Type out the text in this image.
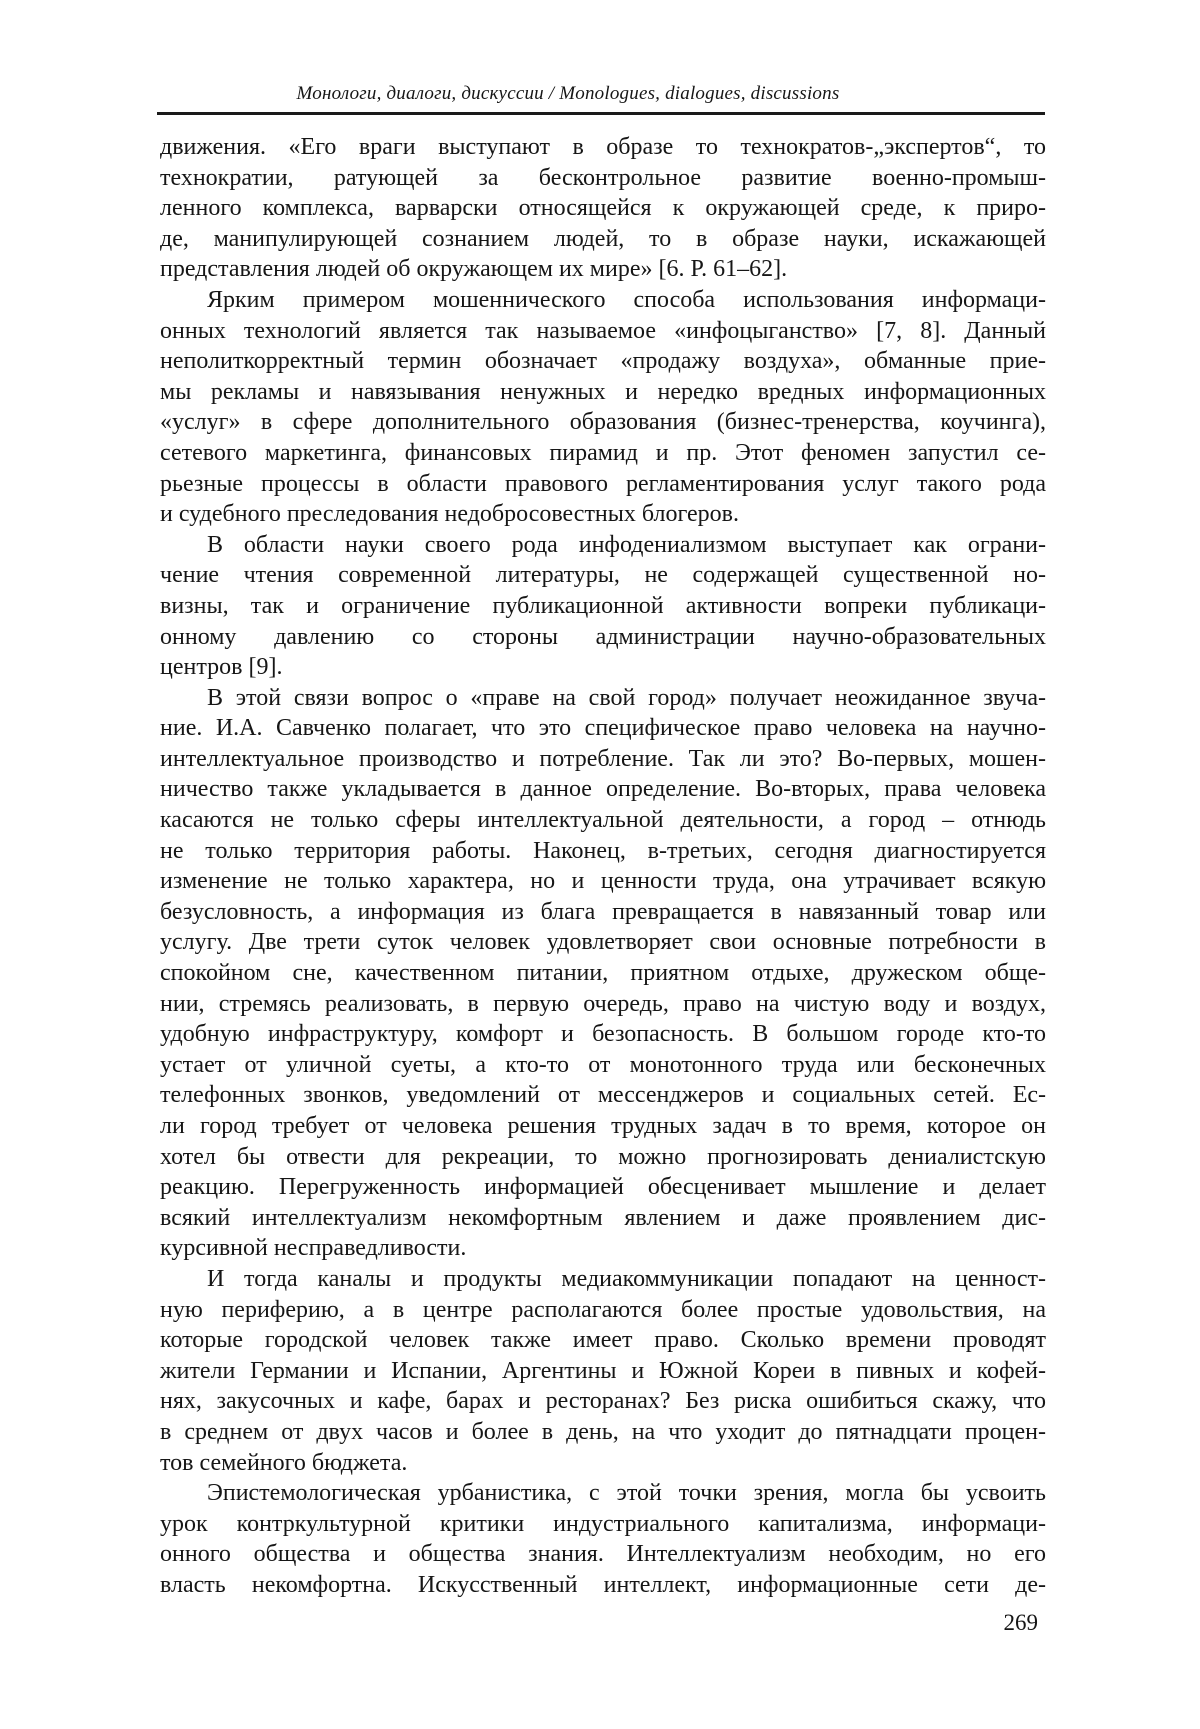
Монологи, диалоги, дискуссии / Monologues, dialogues, discussions
движения. «Его враги выступают в образе то технократов-„экспертов“, то
технократии, ратующей за бесконтрольное развитие военно-промыш-
ленного комплекса, варварски относящейся к окружающей среде, к приро-
де, манипулирующей сознанием людей, то в образе науки, искажающей
представления людей об окружающем их мире» [6. P. 61–62].
Ярким примером мошеннического способа использования информаци-
онных технологий является так называемое «инфоцыганство» [7, 8]. Данный
неполиткорректный термин обозначает «продажу воздуха», обманные прие-
мы рекламы и навязывания ненужных и нередко вредных информационных
«услуг» в сфере дополнительного образования (бизнес-тренерства, коучинга),
сетевого маркетинга, финансовых пирамид и пр. Этот феномен запустил се-
рьезные процессы в области правового регламентирования услуг такого рода
и судебного преследования недобросовестных блогеров.
В области науки своего рода инфодениализмом выступает как ограни-
чение чтения современной литературы, не содержащей существенной но-
визны, так и ограничение публикационной активности вопреки публикаци-
онному давлению со стороны администрации научно-образовательных
центров [9].
В этой связи вопрос о «праве на свой город» получает неожиданное звуча-
ние. И.А. Савченко полагает, что это специфическое право человека на научно-
интеллектуальное производство и потребление. Так ли это? Во-первых, мошен-
ничество также укладывается в данное определение. Во-вторых, права человека
касаются не только сферы интеллектуальной деятельности, а город – отнюдь
не только территория работы. Наконец, в-третьих, сегодня диагностируется
изменение не только характера, но и ценности труда, она утрачивает всякую
безусловность, а информация из блага превращается в навязанный товар или
услугу. Две трети суток человек удовлетворяет свои основные потребности в
спокойном сне, качественном питании, приятном отдыхе, дружеском обще-
нии, стремясь реализовать, в первую очередь, право на чистую воду и воздух,
удобную инфраструктуру, комфорт и безопасность. В большом городе кто-то
устает от уличной суеты, а кто-то от монотонного труда или бесконечных
телефонных звонков, уведомлений от мессенджеров и социальных сетей. Ес-
ли город требует от человека решения трудных задач в то время, которое он
хотел бы отвести для рекреации, то можно прогнозировать дениалистскую
реакцию. Перегруженность информацией обесценивает мышление и делает
всякий интеллектуализм некомфортным явлением и даже проявлением дис-
курсивной несправедливости.
И тогда каналы и продукты медиакоммуникации попадают на ценност-
ную периферию, а в центре располагаются более простые удовольствия, на
которые городской человек также имеет право. Сколько времени проводят
жители Германии и Испании, Аргентины и Южной Кореи в пивных и кофей-
нях, закусочных и кафе, барах и ресторанах? Без риска ошибиться скажу, что
в среднем от двух часов и более в день, на что уходит до пятнадцати процен-
тов семейного бюджета.
Эпистемологическая урбанистика, с этой точки зрения, могла бы усвоить
урок контркультурной критики индустриального капитализма, информаци-
онного общества и общества знания. Интеллектуализм необходим, но его
власть некомфортна. Искусственный интеллект, информационные сети де-
269
